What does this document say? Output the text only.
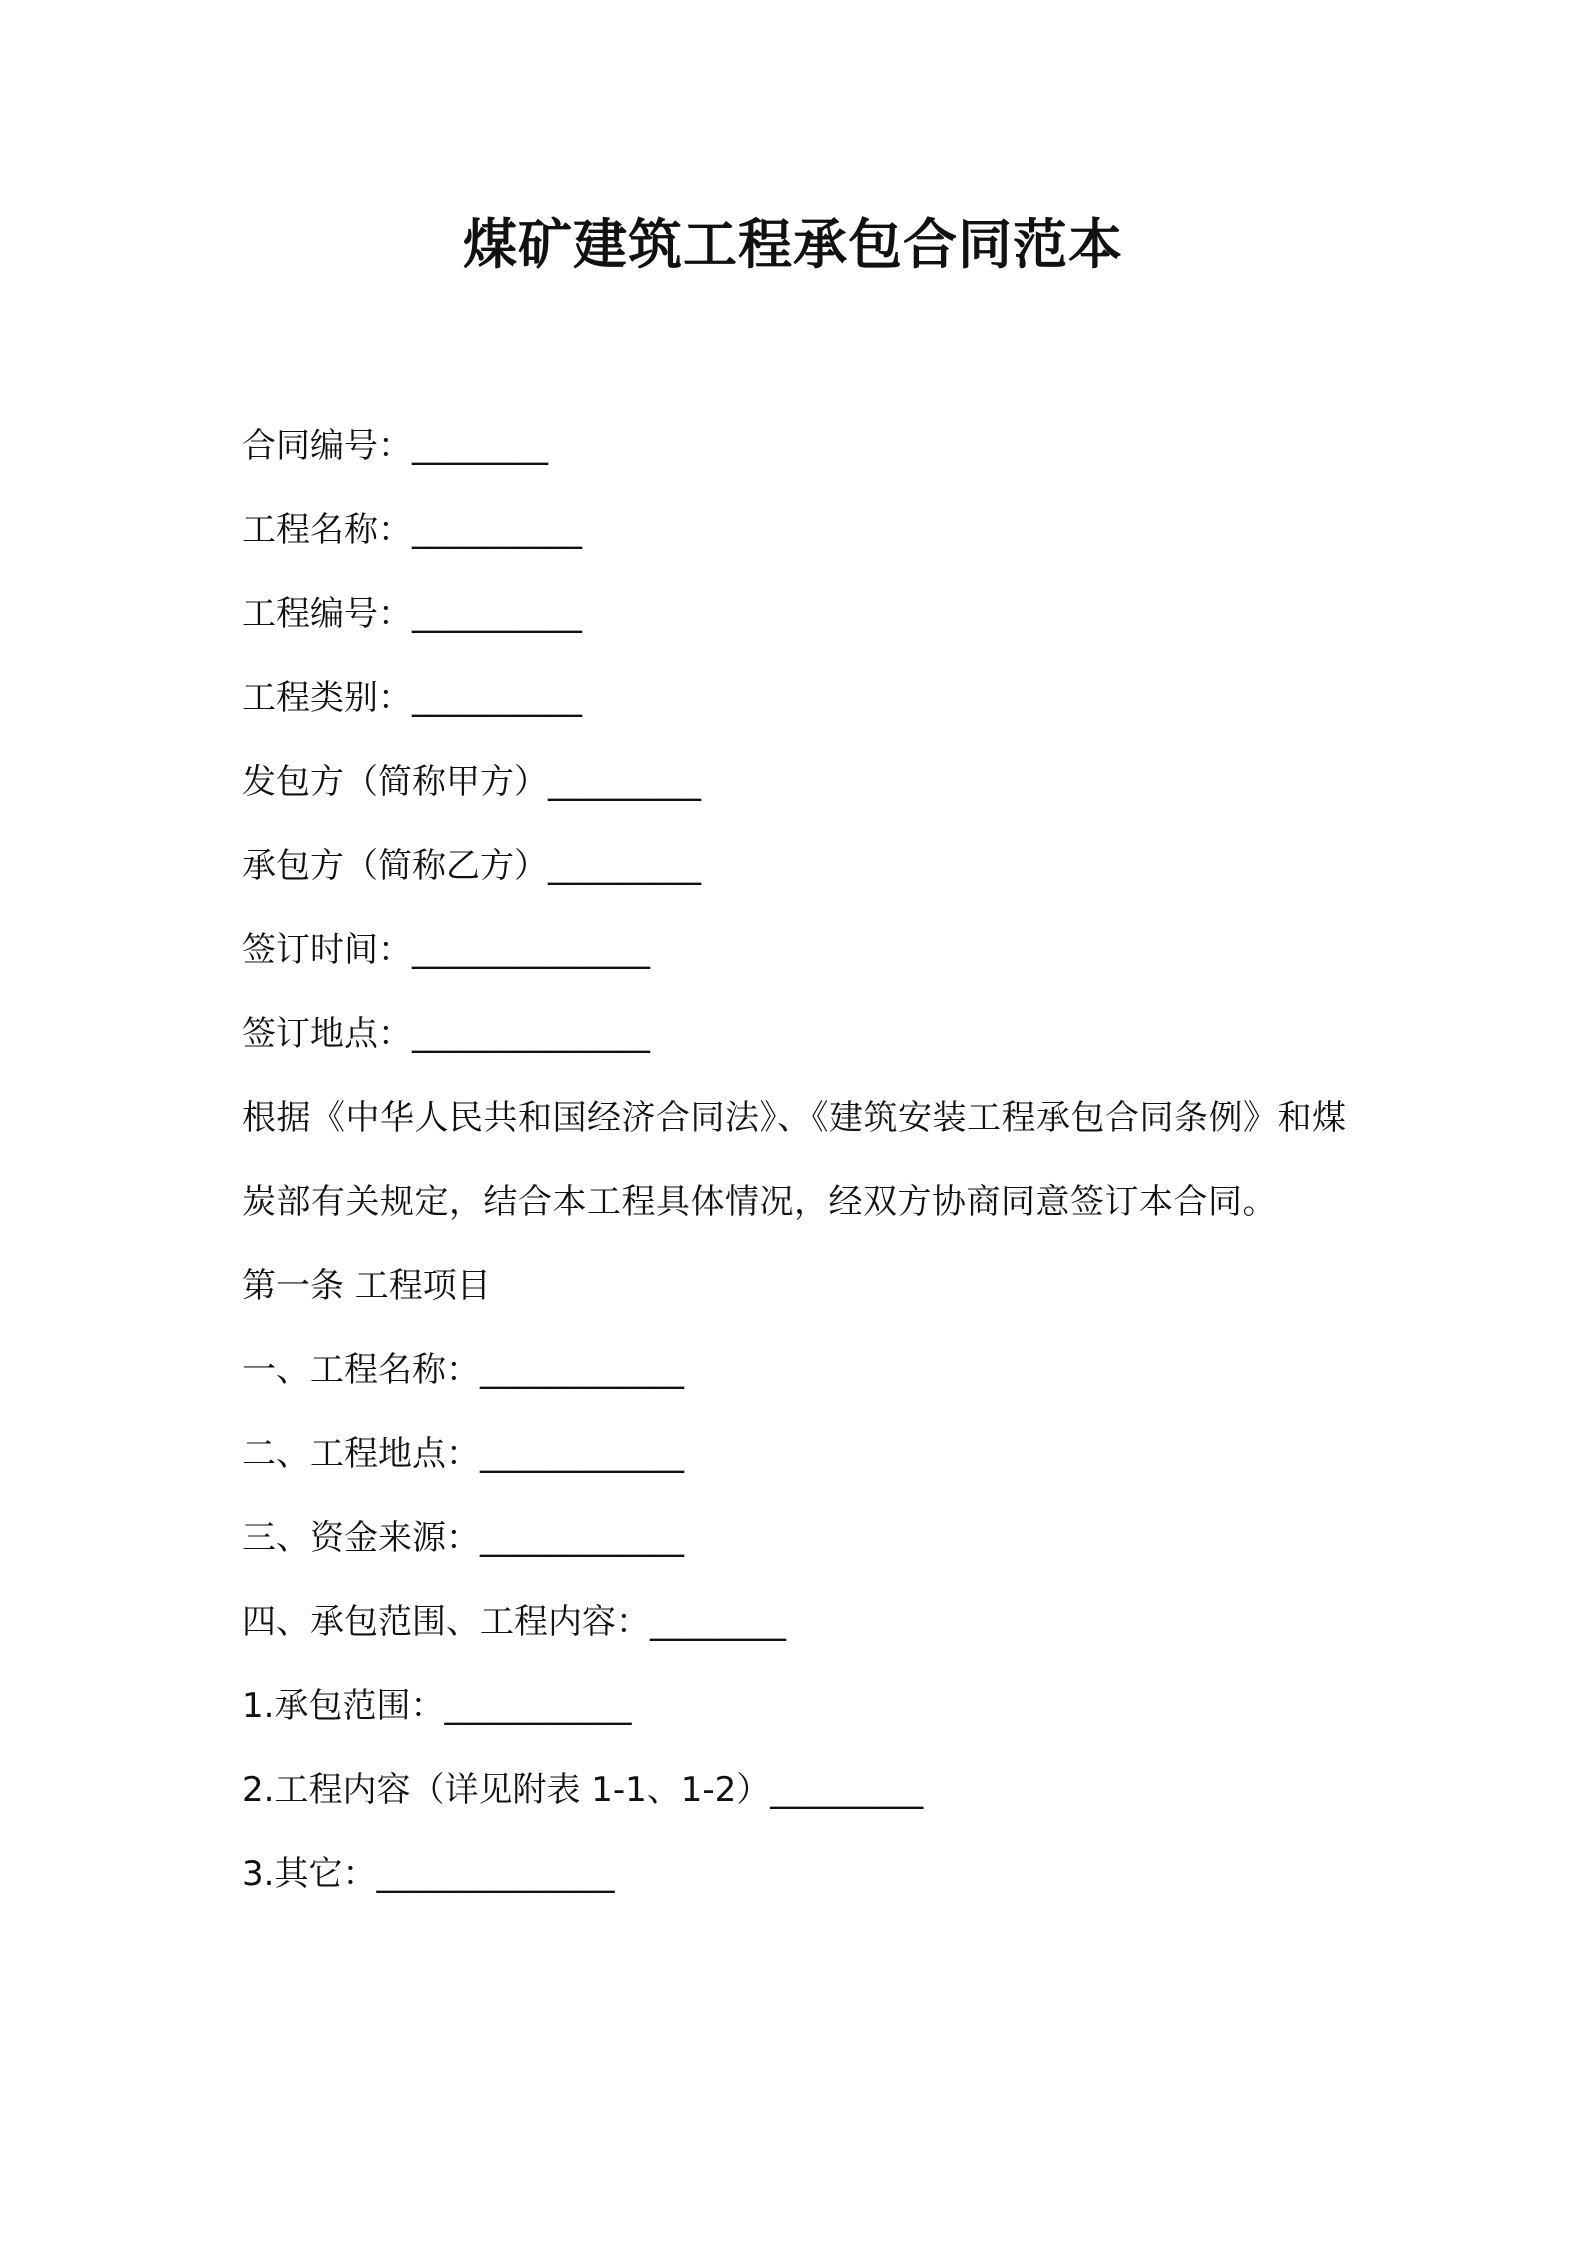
煤矿建筑工程承包合同范本
合同编号：________
工程名称：__________
工程编号：__________
工程类别：__________
发包方（简称甲方）_________
承包方（简称乙方）_________
签订时间：______________
签订地点：______________
根据《中华人民共和国经济合同法》、《建筑安装工程承包合同条例》和煤炭部有关规定，结合本工程具体情况，经双方协商同意签订本合同。
第一条 工程项目
一、工程名称：____________
二、工程地点：____________
三、资金来源：____________
四、承包范围、工程内容：________
1.承包范围：___________
2.工程内容（详见附表 1-1、1-2）_________
3.其它：______________
